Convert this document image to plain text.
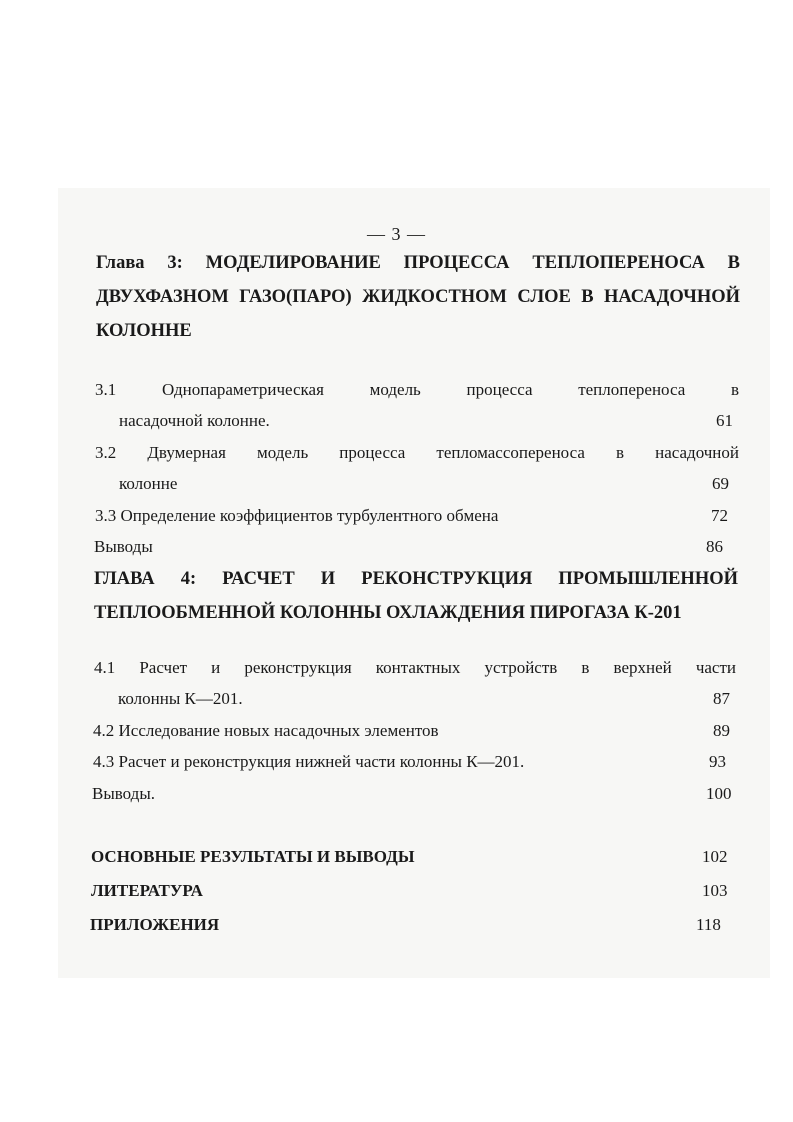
— 3 —
Глава 3: МОДЕЛИРОВАНИЕ ПРОЦЕССА ТЕПЛОПЕРЕНОСА В
ДВУХФАЗНОМ ГАЗО(ПАРО) ЖИДКОСТНОМ СЛОЕ В НАСАДОЧНОЙ
КОЛОННЕ
3.1 Однопараметрическая модель процесса теплопереноса в
насадочной колонне.	61
3.2 Двумерная модель процесса тепломассопереноса в насадочной
колонне	69
3.3 Определение коэффициентов турбулентного обмена	72
Выводы	86
ГЛАВА 4: РАСЧЕТ И РЕКОНСТРУКЦИЯ ПРОМЫШЛЕННОЙ
ТЕПЛООБМЕННОЙ КОЛОННЫ ОХЛАЖДЕНИЯ ПИРОГАЗА К-201
4.1 Расчет и реконструкция контактных устройств в верхней части
колонны К—201.	87
4.2 Исследование новых насадочных элементов	89
4.3 Расчет и реконструкция нижней части колонны К—201.	93
Выводы.	100
ОСНОВНЫЕ РЕЗУЛЬТАТЫ И ВЫВОДЫ	102
ЛИТЕРАТУРА	103
ПРИЛОЖЕНИЯ	118
